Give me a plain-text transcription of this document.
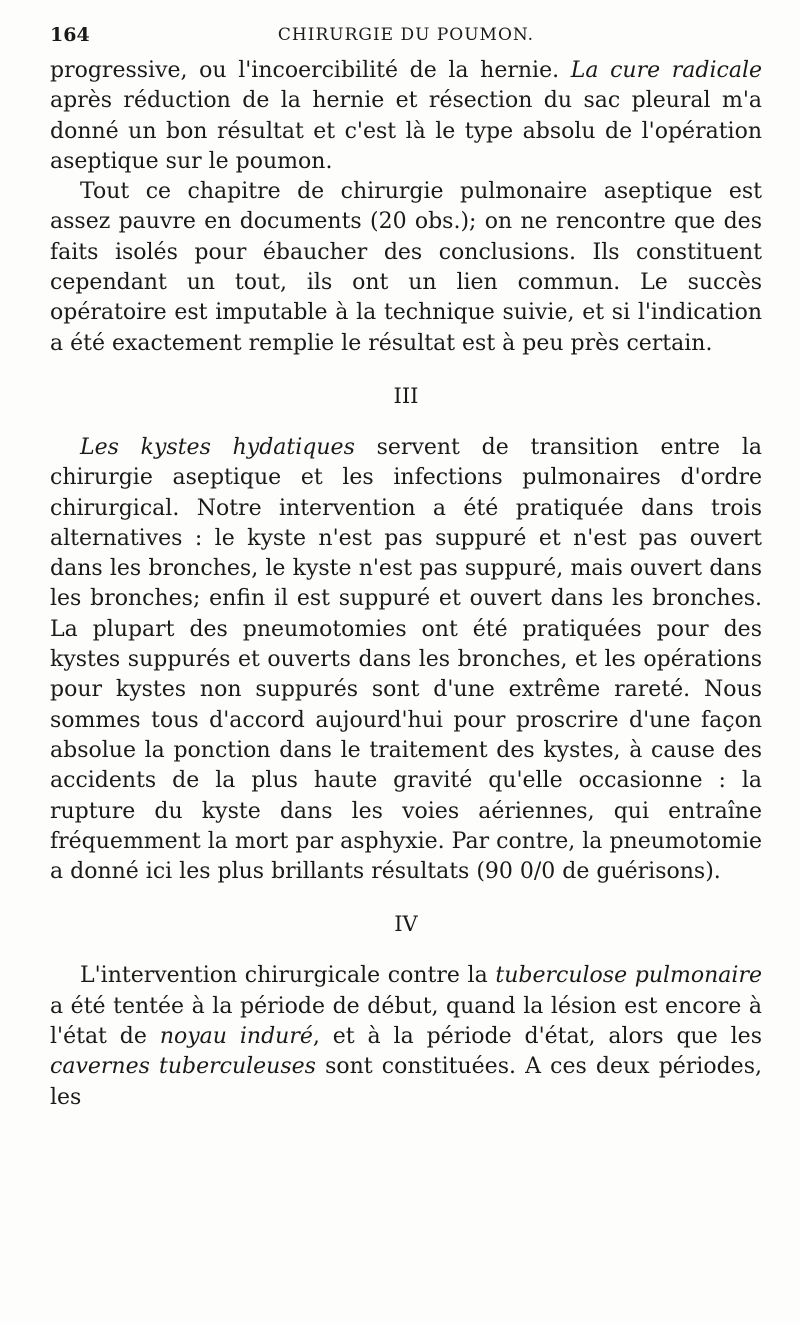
164	CHIRURGIE DU POUMON.

progressive, ou l'incoercibilité de la hernie. La cure radicale après réduction de la hernie et résection du sac pleural m'a donné un bon résultat et c'est là le type absolu de l'opération aseptique sur le poumon.

Tout ce chapitre de chirurgie pulmonaire aseptique est assez pauvre en documents (20 obs.); on ne rencontre que des faits isolés pour ébaucher des conclusions. Ils constituent cependant un tout, ils ont un lien commun. Le succès opératoire est imputable à la technique suivie, et si l'indication a été exactement remplie le résultat est à peu près certain.

III

Les kystes hydatiques servent de transition entre la chirurgie aseptique et les infections pulmonaires d'ordre chirurgical. Notre intervention a été pratiquée dans trois alternatives : le kyste n'est pas suppuré et n'est pas ouvert dans les bronches, le kyste n'est pas suppuré, mais ouvert dans les bronches; enfin il est suppuré et ouvert dans les bronches. La plupart des pneumotomies ont été pratiquées pour des kystes suppurés et ouverts dans les bronches, et les opérations pour kystes non suppurés sont d'une extrême rareté. Nous sommes tous d'accord aujourd'hui pour proscrire d'une façon absolue la ponction dans le traitement des kystes, à cause des accidents de la plus haute gravité qu'elle occasionne : la rupture du kyste dans les voies aériennes, qui entraîne fréquemment la mort par asphyxie. Par contre, la pneumotomie a donné ici les plus brillants résultats (90 0/0 de guérisons).

IV

L'intervention chirurgicale contre la tuberculose pulmonaire a été tentée à la période de début, quand la lésion est encore à l'état de noyau induré, et à la période d'état, alors que les cavernes tuberculeuses sont constituées. A ces deux périodes, les
